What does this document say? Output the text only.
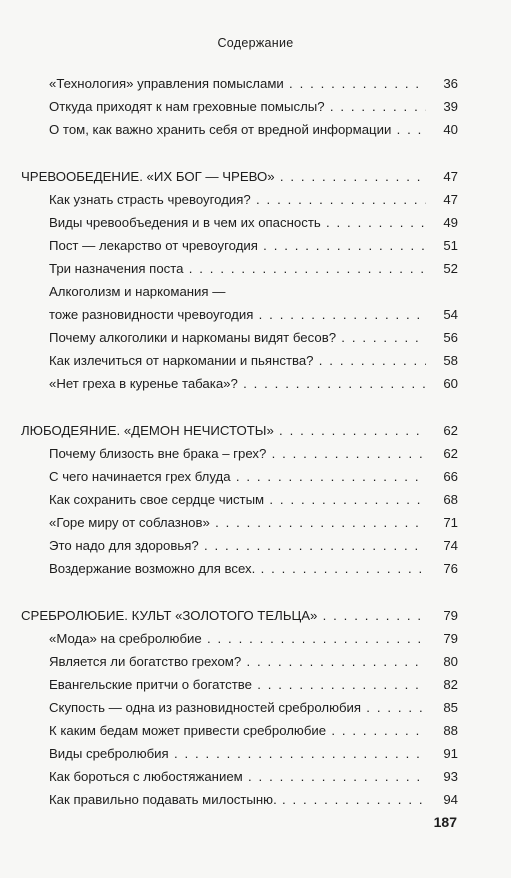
Содержание
«Технология» управления помыслами . . .	36
Откуда приходят к нам греховные помыслы? . . .	39
О том, как важно хранить себя от вредной информации . . .	40
ЧРЕВООБЕДЕНИЕ. «ИХ БОГ — ЧРЕВО» . . .	47
Как узнать страсть чревоугодия? . . .	47
Виды чревообъедения и в чем их опасность . . .	49
Пост — лекарство от чревоугодия . . .	51
Три назначения поста . . .	52
Алкоголизм и наркомания —
тоже разновидности чревоугодия . . .	54
Почему алкоголики и наркоманы видят бесов? . . .	56
Как излечиться от наркомании и пьянства? . . .	58
«Нет греха в куренье табака»? . . .	60
ЛЮБОДЕЯНИЕ. «ДЕМОН НЕЧИСТОТЫ» . . .	62
Почему близость вне брака – грех? . . .	62
С чего начинается грех блуда . . .	66
Как сохранить свое сердце чистым . . .	68
«Горе миру от соблазнов» . . .	71
Это надо для здоровья? . . .	74
Воздержание возможно для всех. . . .	76
СРЕБРОЛЮБИЕ. КУЛЬТ «ЗОЛОТОГО ТЕЛЬЦА» . . .	79
«Мода» на сребролюбие . . .	79
Является ли богатство грехом? . . .	80
Евангельские притчи о богатстве . . .	82
Скупость — одна из разновидностей сребролюбия . . .	85
К каким бедам может привести сребролюбие . . .	88
Виды сребролюбия . . .	91
Как бороться с любостяжанием . . .	93
Как правильно подавать милостыню. . . .	94
187
